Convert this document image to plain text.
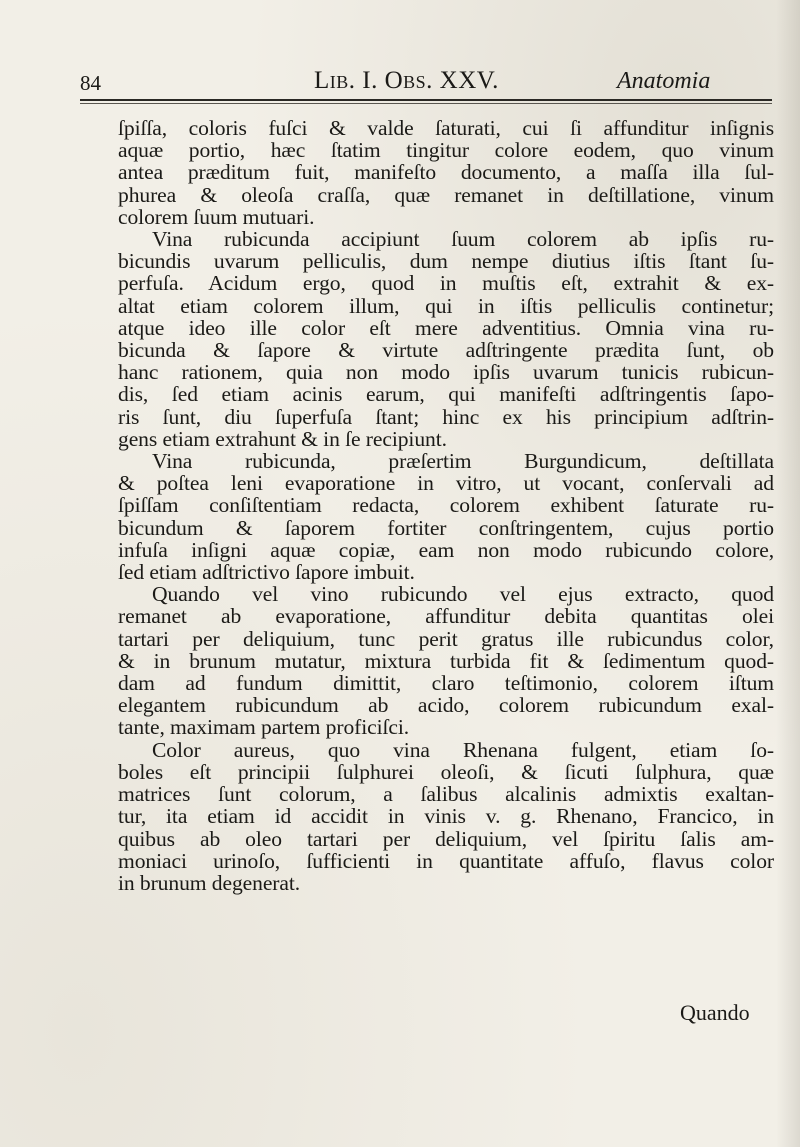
84	Lib. I. Obs. XXV.	Anatomia
ſpiſſa, coloris fuſci & valde ſaturati, cui ſi affunditur inſignis
aquæ portio, hæc ſtatim tingitur colore eodem, quo vinum
antea præditum fuit, manifeſto documento, a maſſa illa ſul-
phurea & oleoſa craſſa, quæ remanet in deſtillatione, vinum
colorem ſuum mutuari.
Vina rubicunda accipiunt ſuum colorem ab ipſis ru-
bicundis uvarum pelliculis, dum nempe diutius iſtis ſtant ſu-
perfuſa. Acidum ergo, quod in muſtis eſt, extrahit & ex-
altat etiam colorem illum, qui in iſtis pelliculis continetur;
atque ideo ille color eſt mere adventitius. Omnia vina ru-
bicunda & ſapore & virtute adſtringente prædita ſunt, ob
hanc rationem, quia non modo ipſis uvarum tunicis rubicun-
dis, ſed etiam acinis earum, qui manifeſti adſtringentis ſapo-
ris ſunt, diu ſuperfuſa ſtant; hinc ex his principium adſtrin-
gens etiam extrahunt & in ſe recipiunt.
Vina rubicunda, præſertim Burgundicum, deſtillata
& poſtea leni evaporatione in vitro, ut vocant, conſervali ad
ſpiſſam conſiſtentiam redacta, colorem exhibent ſaturate ru-
bicundum & ſaporem fortiter conſtringentem, cujus portio
infuſa inſigni aquæ copiæ, eam non modo rubicundo colore,
ſed etiam adſtrictivo ſapore imbuit.
Quando vel vino rubicundo vel ejus extracto, quod
remanet ab evaporatione, affunditur debita quantitas olei
tartari per deliquium, tunc perit gratus ille rubicundus color,
& in brunum mutatur, mixtura turbida fit & ſedimentum quod-
dam ad fundum dimittit, claro teſtimonio, colorem iſtum
elegantem rubicundum ab acido, colorem rubicundum exal-
tante, maximam partem proficiſci.
Color aureus, quo vina Rhenana fulgent, etiam ſo-
boles eſt principii ſulphurei oleoſi, & ſicuti ſulphura, quæ
matrices ſunt colorum, a ſalibus alcalinis admixtis exaltan-
tur, ita etiam id accidit in vinis v. g. Rhenano, Francico, in
quibus ab oleo tartari per deliquium, vel ſpiritu ſalis am-
moniaci urinoſo, ſufficienti in quantitate affuſo, flavus color
in brunum degenerat.
Quando
